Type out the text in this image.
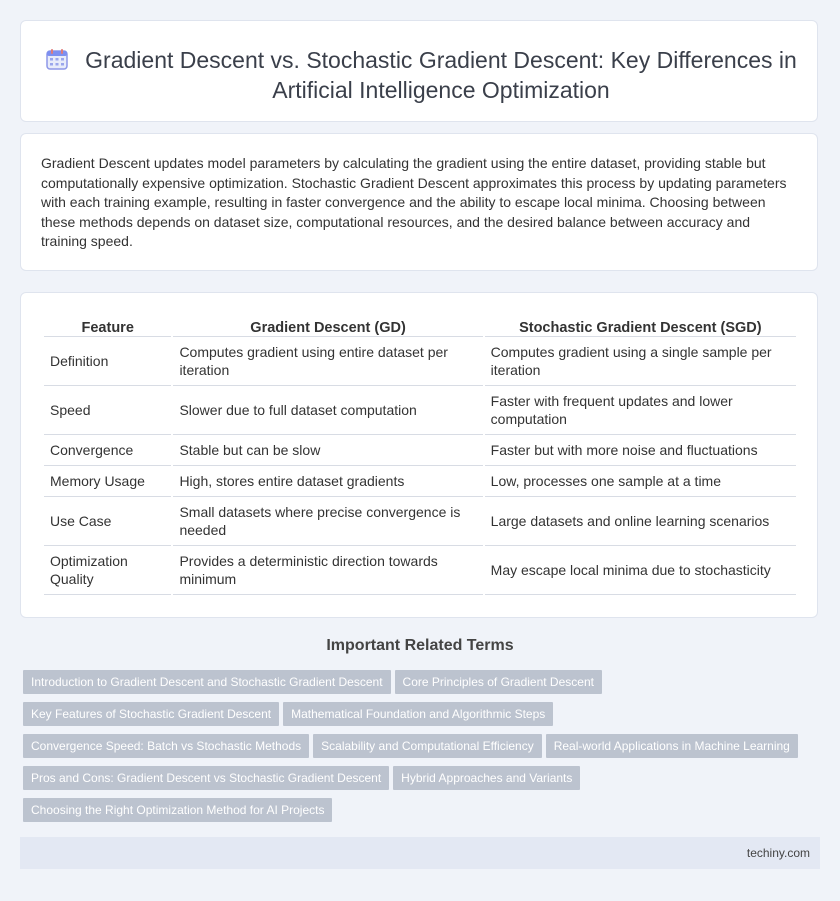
Gradient Descent vs. Stochastic Gradient Descent: Key Differences in Artificial Intelligence Optimization

Gradient Descent updates model parameters by calculating the gradient using the entire dataset, providing stable but computationally expensive optimization. Stochastic Gradient Descent approximates this process by updating parameters with each training example, resulting in faster convergence and the ability to escape local minima. Choosing between these methods depends on dataset size, computational resources, and the desired balance between accuracy and training speed.

Feature	Gradient Descent (GD)	Stochastic Gradient Descent (SGD)
Definition	Computes gradient using entire dataset per iteration	Computes gradient using a single sample per iteration
Speed	Slower due to full dataset computation	Faster with frequent updates and lower computation
Convergence	Stable but can be slow	Faster but with more noise and fluctuations
Memory Usage	High, stores entire dataset gradients	Low, processes one sample at a time
Use Case	Small datasets where precise convergence is needed	Large datasets and online learning scenarios
Optimization Quality	Provides a deterministic direction towards minimum	May escape local minima due to stochasticity
Important Related Terms
Introduction to Gradient Descent and Stochastic Gradient Descent Core Principles of Gradient Descent
Key Features of Stochastic Gradient Descent Mathematical Foundation and Algorithmic Steps
Convergence Speed: Batch vs Stochastic Methods Scalability and Computational Efficiency Real-world Applications in Machine Learning
Pros and Cons: Gradient Descent vs Stochastic Gradient Descent Hybrid Approaches and Variants
Choosing the Right Optimization Method for AI Projects
techiny.com
